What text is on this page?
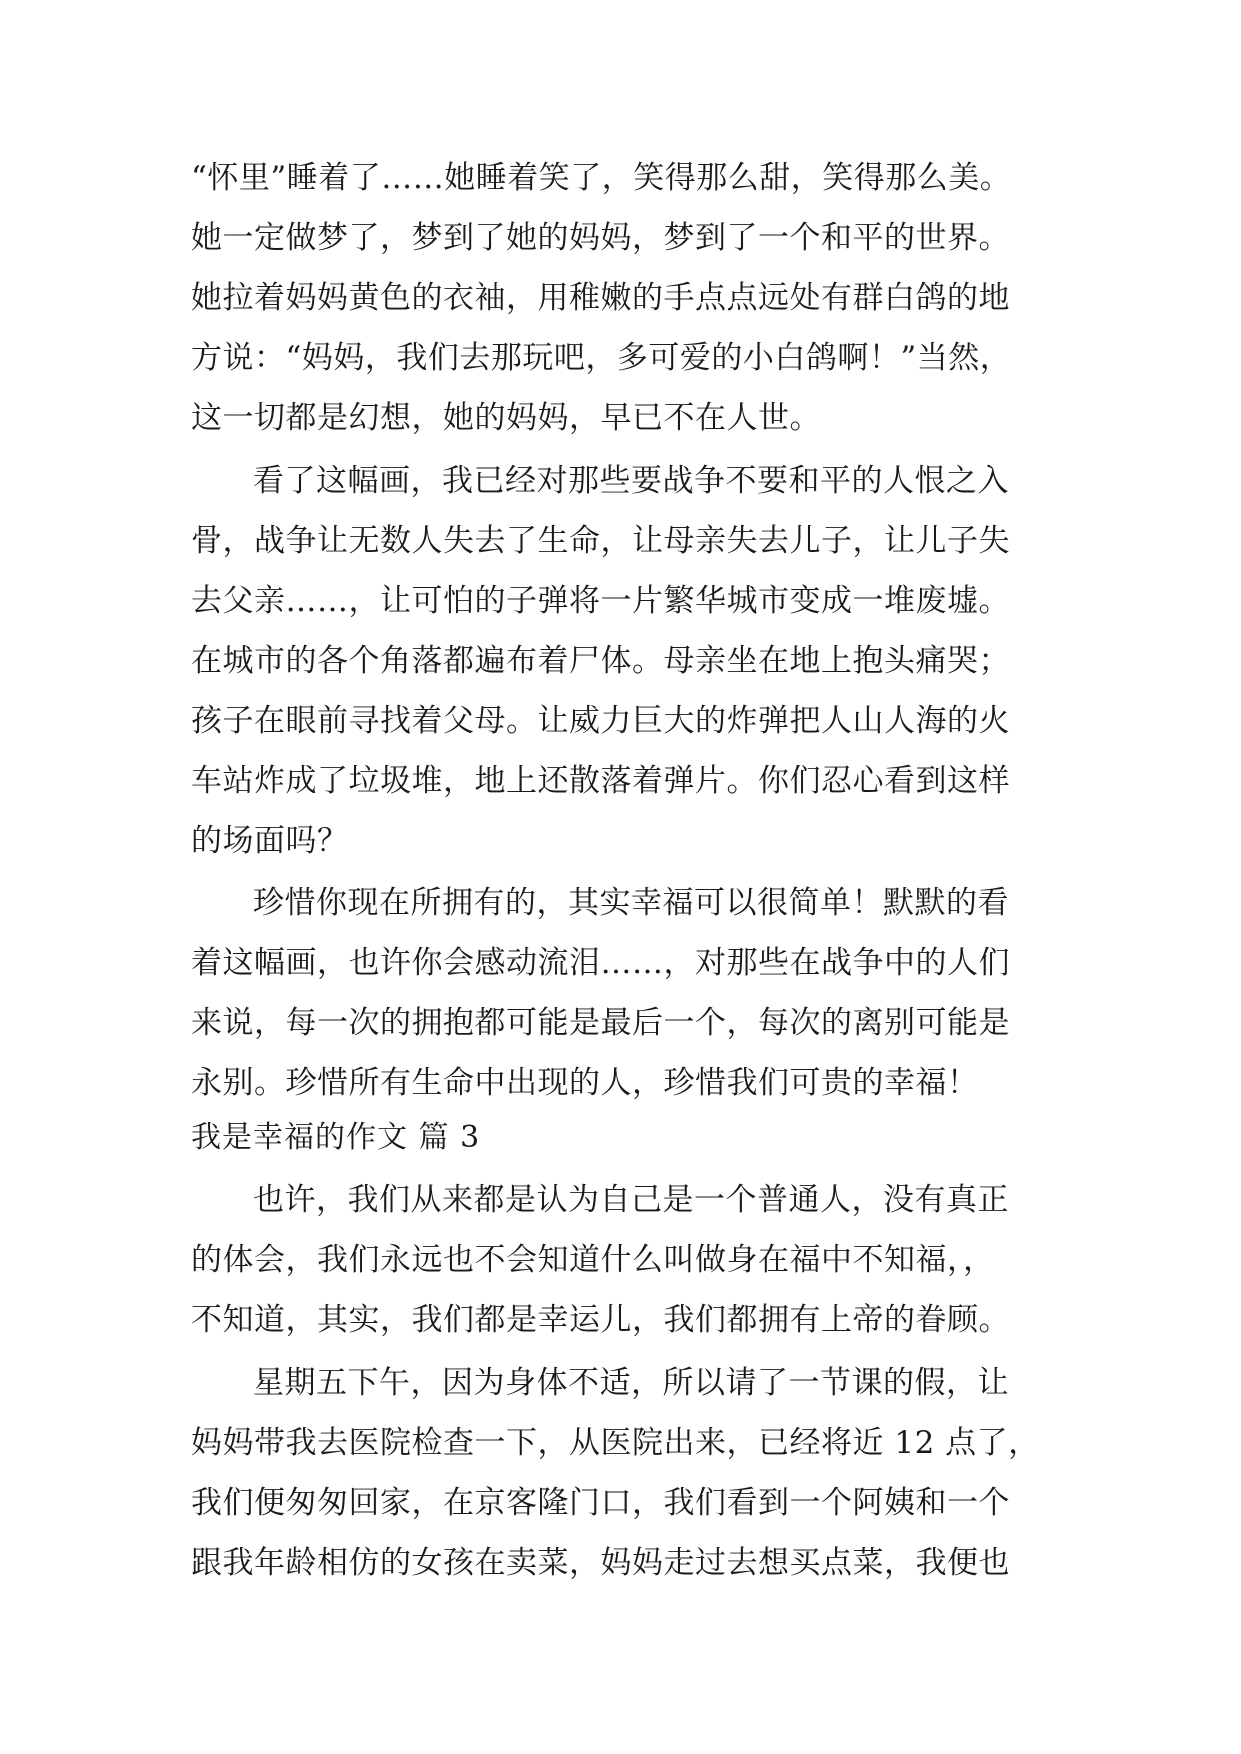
“怀里”睡着了……她睡着笑了，笑得那么甜，笑得那么美。
她一定做梦了，梦到了她的妈妈，梦到了一个和平的世界。
她拉着妈妈黄色的衣袖，用稚嫩的手点点远处有群白鸽的地
方说：“妈妈，我们去那玩吧，多可爱的小白鸽啊！”当然，
这一切都是幻想，她的妈妈，早已不在人世。
看了这幅画，我已经对那些要战争不要和平的人恨之入
骨，战争让无数人失去了生命，让母亲失去儿子，让儿子失
去父亲……，让可怕的子弹将一片繁华城市变成一堆废墟。
在城市的各个角落都遍布着尸体。母亲坐在地上抱头痛哭；
孩子在眼前寻找着父母。让威力巨大的炸弹把人山人海的火
车站炸成了垃圾堆，地上还散落着弹片。你们忍心看到这样
的场面吗？
珍惜你现在所拥有的，其实幸福可以很简单！默默的看
着这幅画，也许你会感动流泪……，对那些在战争中的人们
来说，每一次的拥抱都可能是最后一个，每次的离别可能是
永别。珍惜所有生命中出现的人，珍惜我们可贵的幸福！
我是幸福的作文 篇 3
也许，我们从来都是认为自己是一个普通人，没有真正
的体会，我们永远也不会知道什么叫做身在福中不知福，，
不知道，其实，我们都是幸运儿，我们都拥有上帝的眷顾。
星期五下午，因为身体不适，所以请了一节课的假，让
妈妈带我去医院检查一下，从医院出来，已经将近 12 点了，
我们便匆匆回家，在京客隆门口，我们看到一个阿姨和一个
跟我年龄相仿的女孩在卖菜，妈妈走过去想买点菜，我便也
